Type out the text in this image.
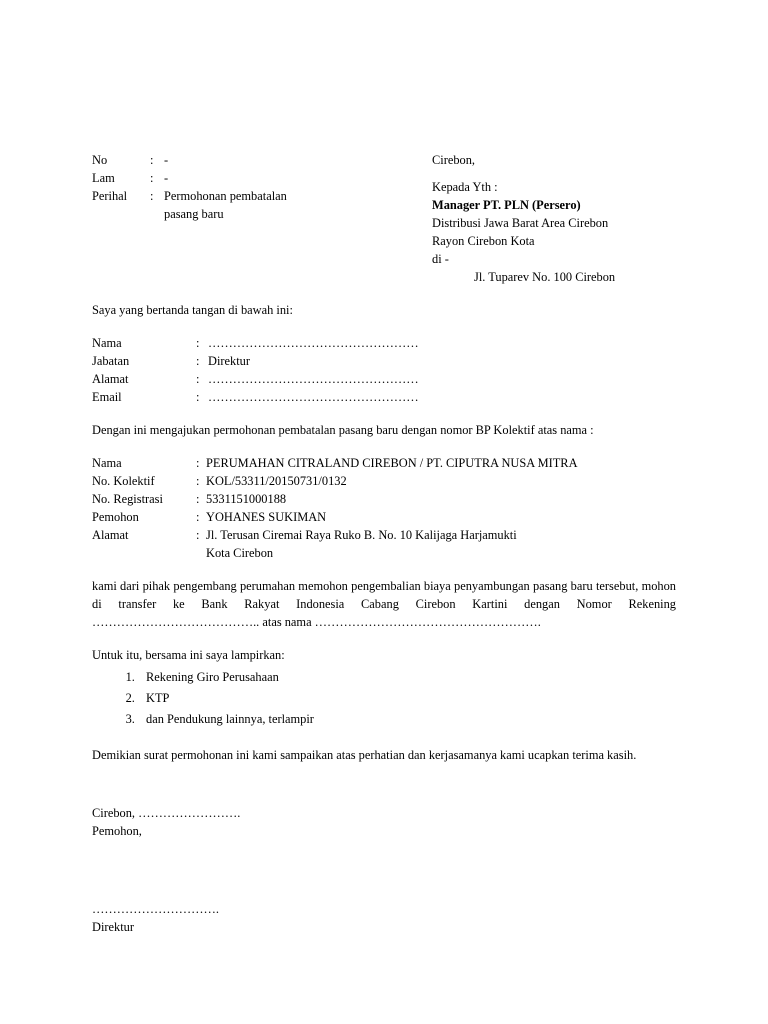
No	: -
Lam	: -
Perihal	: Permohonan pembatalan
pasang baru
Cirebon,
Kepada Yth :
Manager PT. PLN (Persero)
Distribusi Jawa Barat Area Cirebon
Rayon Cirebon Kota
di -
Jl. Tuparev No. 100 Cirebon
Saya yang bertanda tangan di bawah ini:
Nama	: ……………………………………………
Jabatan	: Direktur
Alamat	: ……………………………………………
Email	: ……………………………………………
Dengan ini mengajukan permohonan pembatalan pasang baru dengan nomor BP Kolektif atas nama :
Nama	: PERUMAHAN CITRALAND CIREBON / PT. CIPUTRA NUSA MITRA
No. Kolektif	: KOL/53311/20150731/0132
No. Registrasi	: 5331151000188
Pemohon	: YOHANES SUKIMAN
Alamat	: Jl. Terusan Ciremai Raya Ruko B. No. 10 Kalijaga Harjamukti
Kota Cirebon
kami dari pihak pengembang perumahan memohon pengembalian biaya penyambungan pasang baru tersebut, mohon di transfer ke Bank Rakyat Indonesia Cabang Cirebon Kartini dengan Nomor Rekening ………………………………….. atas nama ……………………………………………….
Untuk itu, bersama ini saya lampirkan:
1. Rekening Giro Perusahaan
2. KTP
3. dan Pendukung lainnya, terlampir
Demikian surat permohonan ini kami sampaikan atas perhatian dan kerjasamanya kami ucapkan terima kasih.
Cirebon, …………………….
Pemohon,
………………………….
Direktur
